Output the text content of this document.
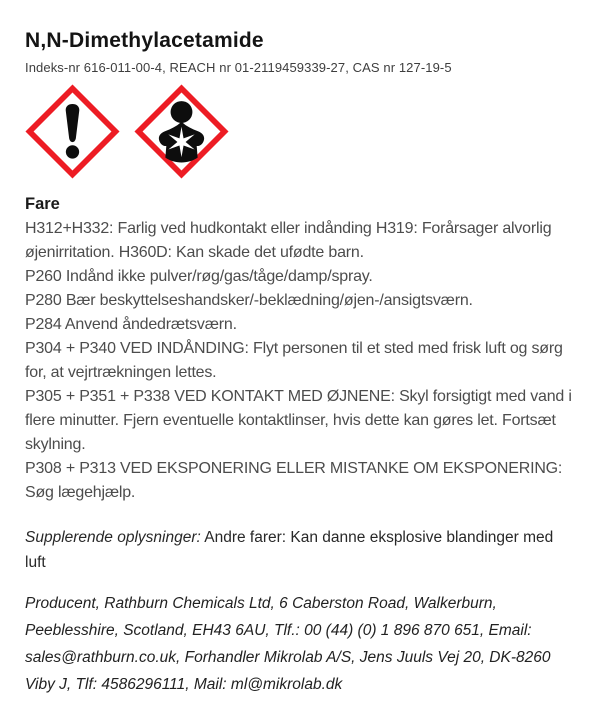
N,N-Dimethylacetamide
Indeks-nr 616-011-00-4, REACH nr 01-2119459339-27, CAS nr 127-19-5
Fare
H312+H332: Farlig ved hudkontakt eller indånding H319: Forårsager alvorlig øjenirritation. H360D: Kan skade det ufødte barn.
P260 Indånd ikke pulver/røg/gas/tåge/damp/spray.
P280 Bær beskyttelseshandsker/-beklædning/øjen-/ansigtsværn.
P284 Anvend åndedrætsværn.
P304 + P340 VED INDÅNDING: Flyt personen til et sted med frisk luft og sørg for, at vejrtrækningen lettes.
P305 + P351 + P338 VED KONTAKT MED ØJNENE: Skyl forsigtigt med vand i flere minutter. Fjern eventuelle kontaktlinser, hvis dette kan gøres let. Fortsæt skylning.
P308 + P313 VED EKSPONERING ELLER MISTANKE OM EKSPONERING: Søg lægehjælp.

Supplerende oplysninger: Andre farer: Kan danne eksplosive blandinger med luft

Producent, Rathburn Chemicals Ltd, 6 Caberston Road, Walkerburn, Peeblesshire, Scotland, EH43 6AU, Tlf.: 00 (44) (0) 1 896 870 651, Email: sales@rathburn.co.uk, Forhandler Mikrolab A/S, Jens Juuls Vej 20, DK-8260 Viby J, Tlf: 4586296111, Mail: ml@mikrolab.dk
